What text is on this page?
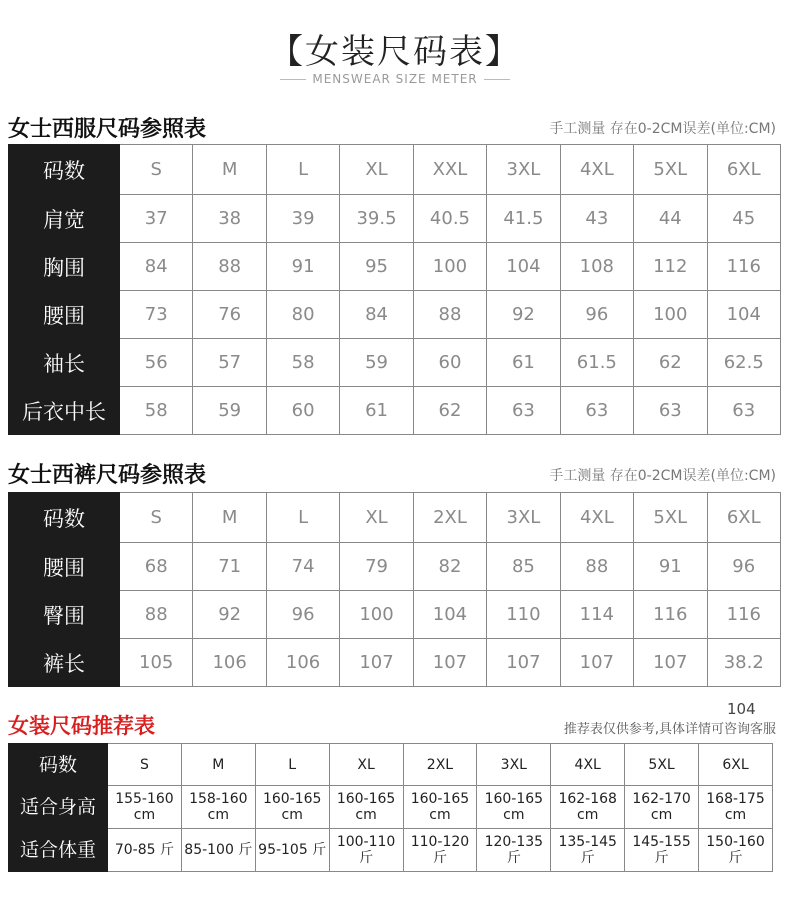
【女装尺码表】
MENSWEAR SIZE METER
女士西服尺码参照表	手工测量 存在0-2CM误差(单位:CM)
码数	S	M	L	XL	XXL	3XL	4XL	5XL	6XL
肩宽	37	38	39	39.5	40.5	41.5	43	44	45
胸围	84	88	91	95	100	104	108	112	116
腰围	73	76	80	84	88	92	96	100	104
袖长	56	57	58	59	60	61	61.5	62	62.5
后衣中长	58	59	60	61	62	63	63	63	63
女士西裤尺码参照表	手工测量 存在0-2CM误差(单位:CM)
码数	S	M	L	XL	2XL	3XL	4XL	5XL	6XL
腰围	68	71	74	79	82	85	88	91	96
臀围	88	92	96	100	104	110	114	116	116
裤长	105	106	106	107	107	107	107	107	38.2
104
女装尺码推荐表	推荐表仅供参考,具体详情可咨询客服
码数	S	M	L	XL	2XL	3XL	4XL	5XL	6XL
适合身高	155-160 cm	158-160 cm	160-165 cm	160-165 cm	160-165 cm	160-165 cm	162-168 cm	162-170 cm	168-175 cm
适合体重	70-85 斤	85-100 斤	95-105 斤	100-110 斤	110-120 斤	120-135 斤	135-145 斤	145-155 斤	150-160 斤
